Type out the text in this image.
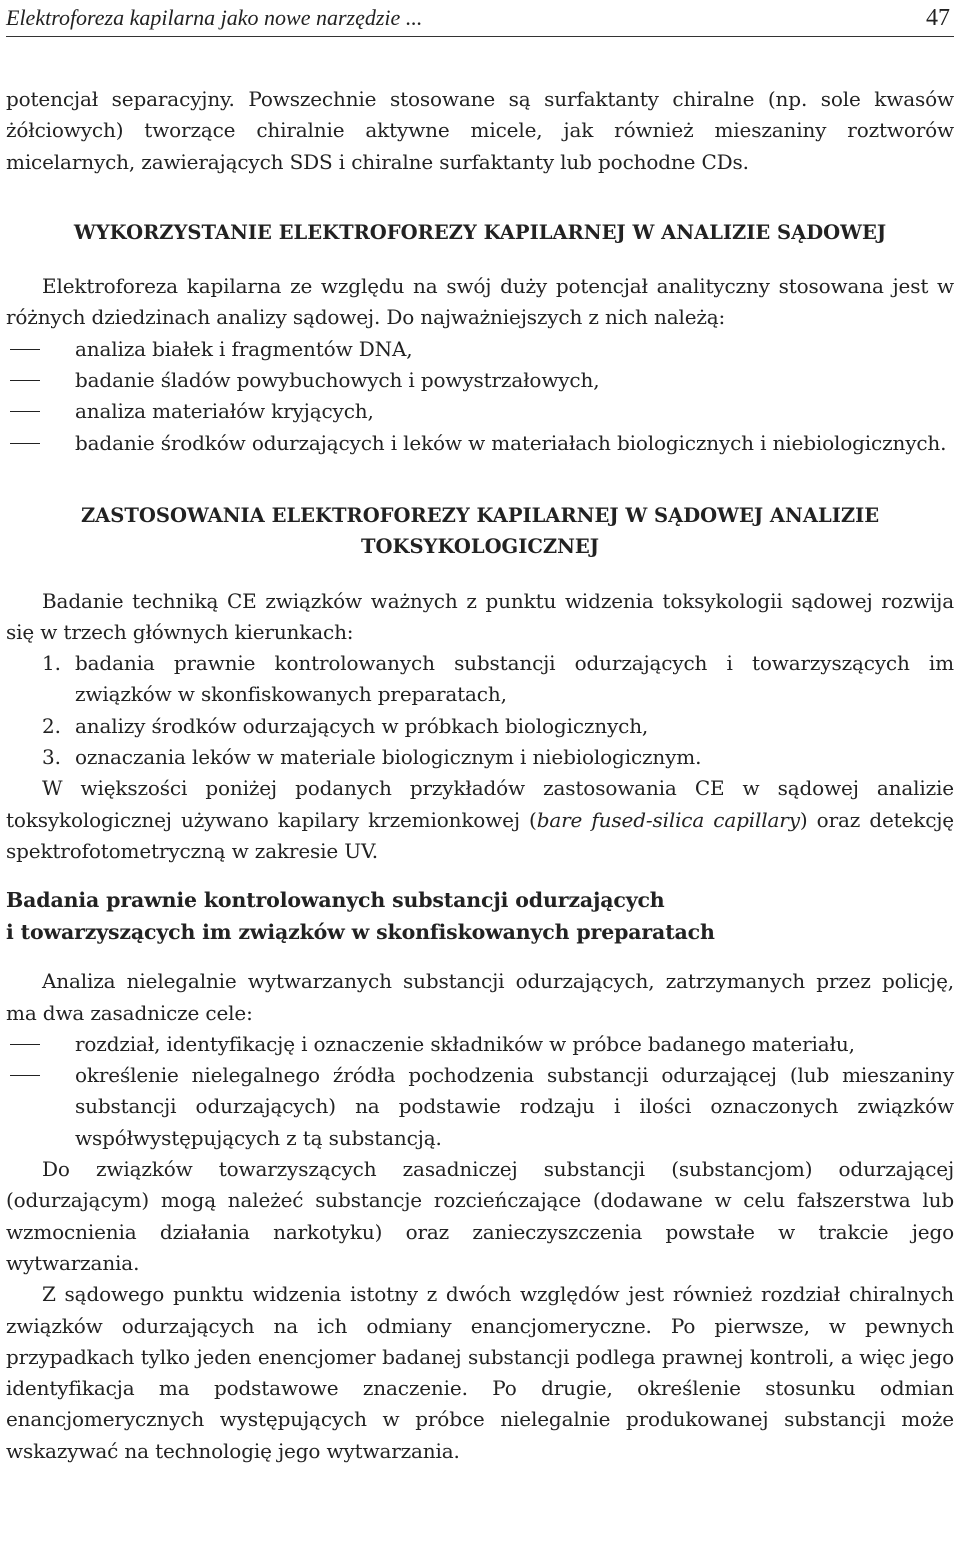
Elektroforeza kapilarna jako nowe narzędzie ...	47

potencjał separacyjny. Powszechnie stosowane są surfaktanty chiralne (np. sole kwasów żółciowych) tworzące chiralnie aktywne micele, jak również mieszaniny roztworów micelarnych, zawierających SDS i chiralne surfaktanty lub pochodne CDs.

WYKORZYSTANIE ELEKTROFOREZY KAPILARNEJ W ANALIZIE SĄDOWEJ

Elektroforeza kapilarna ze względu na swój duży potencjał analityczny stosowana jest w różnych dziedzinach analizy sądowej. Do najważniejszych z nich należą:

analiza białek i fragmentów DNA,
badanie śladów powybuchowych i powystrzałowych,
analiza materiałów kryjących,
badanie środków odurzających i leków w materiałach biologicznych i niebiologicznych.
ZASTOSOWANIA ELEKTROFOREZY KAPILARNEJ W SĄDOWEJ ANALIZIE
TOKSYKOLOGICZNEJ

Badanie techniką CE związków ważnych z punktu widzenia toksykologii sądowej rozwija się w trzech głównych kierunkach:

1. badania prawnie kontrolowanych substancji odurzających i towarzyszących im związków w skonfiskowanych preparatach,
2. analizy środków odurzających w próbkach biologicznych,
3. oznaczania leków w materiale biologicznym i niebiologicznym.

W większości poniżej podanych przykładów zastosowania CE w sądowej analizie toksykologicznej używano kapilary krzemionkowej (bare fused-silica capillary) oraz detekcję spektrofotometryczną w zakresie UV.

Badania prawnie kontrolowanych substancji odurzających
i towarzyszących im związków w skonfiskowanych preparatach

Analiza nielegalnie wytwarzanych substancji odurzających, zatrzymanych przez policję, ma dwa zasadnicze cele:

rozdział, identyfikację i oznaczenie składników w próbce badanego materiału,
określenie nielegalnego źródła pochodzenia substancji odurzającej (lub mieszaniny substancji odurzających) na podstawie rodzaju i ilości oznaczonych związków współwystępujących z tą substancją.

Do związków towarzyszących zasadniczej substancji (substancjom) odurzającej (odurzającym) mogą należeć substancje rozcieńczające (dodawane w celu fałszerstwa lub wzmocnienia działania narkotyku) oraz zanieczyszczenia powstałe w trakcie jego wytwarzania.

Z sądowego punktu widzenia istotny z dwóch względów jest również rozdział chiralnych związków odurzających na ich odmiany enancjomeryczne. Po pierwsze, w pewnych przypadkach tylko jeden enencjomer badanej substancji podlega prawnej kontroli, a więc jego identyfikacja ma podstawowe znaczenie. Po drugie, określenie stosunku odmian enancjomerycznych występujących w próbce nielegalnie produkowanej substancji może wskazywać na technologię jego wytwarzania.
